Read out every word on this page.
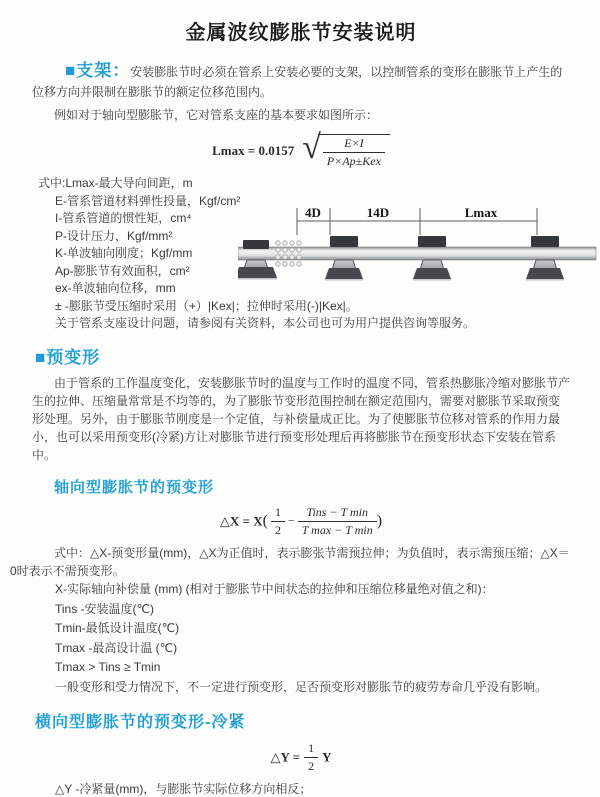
金属波纹膨胀节安装说明

■支架：安装膨胀节时必须在管系上安装必要的支架，以控制管系的变形在膨胀节上产生的位移方向并限制在膨胀节的额定位移范围内。

例如对于轴向型膨胀节，它对管系支座的基本要求如图所示：

Lmax = 0.0157 √ $\frac{E\times I}{\text{P×Ap±Kex}}$

式中:Lmax-最大导向间距，m

E-管系管道材料弹性投量，Kgf/cm²

I-管系管道的惯性矩，cm⁴

P-设计压力，Kgf/mm²

K-单波轴向刚度；Kgf/mm

Ap-膨胀节有效面积，cm²

ex-单波轴向位移，mm

± -膨胀节受压缩时采用（+）|Kex|；拉伸时采用(-)|Kex|。

关于管系支座设计问题，请参阅有关资料，本公司也可为用户提供咨询等服务。

4D	14D	Lmax
■预变形

由于管系的工作温度变化，安装膨胀节时的温度与工作时的温度不同，管系热膨胀冷缩对膨胀节产生的拉伸、压缩量常常是不均等的，为了膨胀节变形范围控制在额定范围内，需要对膨胀节采取预变形处理。另外，由于膨胀节刚度是一个定值，与补偿量成正比。为了使膨胀节位移对管系的作用力最小，也可以采用预变形(冷紧)方让对膨胀节进行预变形处理后再将膨胀节在预变形状态下安装在管系中。

轴向型膨胀节的预变形
△X = $X( \frac{1}{2} - \frac{\text{Tins − T min}}{\text{T max − T min}}$ )

式中：△X-预变形量(mm)，△X为正值时，表示膨张节需预拉伸；为负值时，表示需预压缩；△X＝0时表示不需预变形。

X-实际轴向补偿量 (mm) (相对于膨胀节中间状态的拉伸和压缩位移量绝对值之和)：

Tins -安装温度(℃)

Tmin-最低设计温度(℃)

Tmax -最高设计温 (℃)

Tmax > Tins ≥ Tmin

一般变形和受力情况下，不一定进行预变形，足否预变形对膨胀节的疲劳寿命几乎没有影响。

横向型膨胀节的预变形-冷紧
△Y = $\frac{1}{2}$ Y

△Y -冷紧量(mm)，与膨胀节实际位移方向相反；
